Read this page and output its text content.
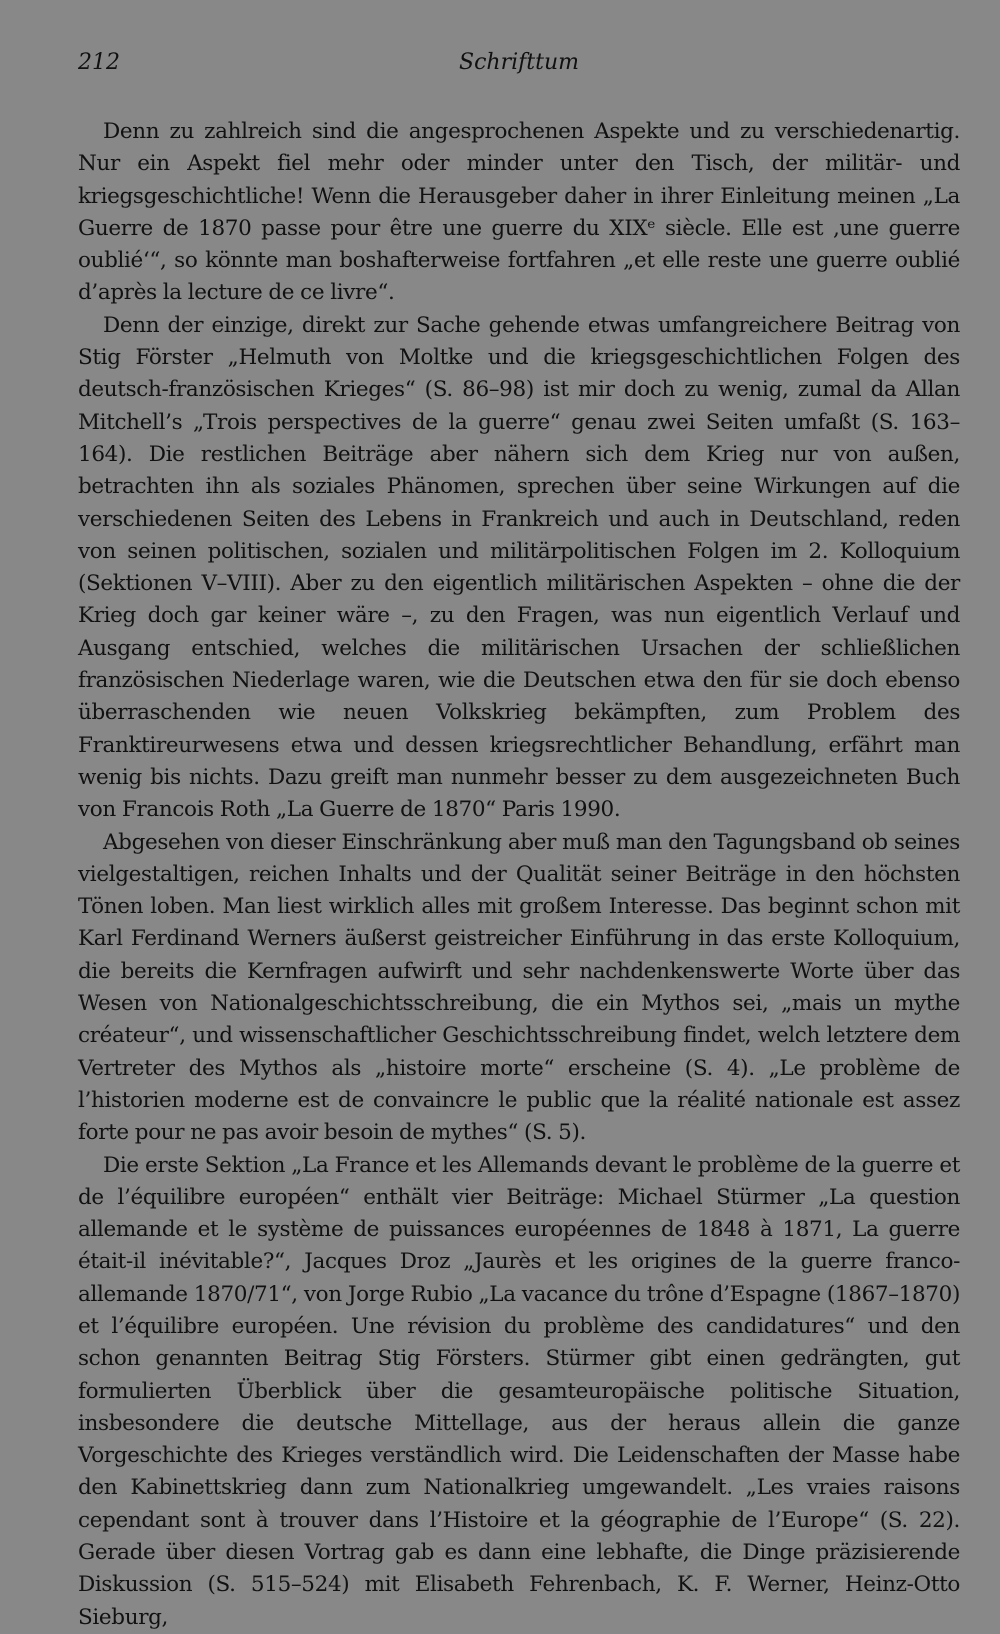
212	Schrifttum

Denn zu zahlreich sind die angesprochenen Aspekte und zu verschiedenartig. Nur ein Aspekt fiel mehr oder minder unter den Tisch, der militär- und kriegsgeschichtliche! Wenn die Herausgeber daher in ihrer Einleitung meinen „La Guerre de 1870 passe pour être une guerre du XIXᵉ siècle. Elle est ‚une guerre oublié‘“, so könnte man boshafterweise fortfahren „et elle reste une guerre oublié d’après la lecture de ce livre“.

Denn der einzige, direkt zur Sache gehende etwas umfangreichere Beitrag von Stig Förster „Helmuth von Moltke und die kriegsgeschichtlichen Folgen des deutsch-französischen Krieges“ (S. 86–98) ist mir doch zu wenig, zumal da Allan Mitchell’s „Trois perspectives de la guerre“ genau zwei Seiten umfaßt (S. 163–164). Die restlichen Beiträge aber nähern sich dem Krieg nur von außen, betrachten ihn als soziales Phänomen, sprechen über seine Wirkungen auf die verschiedenen Seiten des Lebens in Frankreich und auch in Deutschland, reden von seinen politischen, sozialen und militärpolitischen Folgen im 2. Kolloquium (Sektionen V–VIII). Aber zu den eigentlich militärischen Aspekten – ohne die der Krieg doch gar keiner wäre –, zu den Fragen, was nun eigentlich Verlauf und Ausgang entschied, welches die militärischen Ursachen der schließlichen französischen Niederlage waren, wie die Deutschen etwa den für sie doch ebenso überraschenden wie neuen Volkskrieg bekämpften, zum Problem des Franktireurwesens etwa und dessen kriegsrechtlicher Behandlung, erfährt man wenig bis nichts. Dazu greift man nunmehr besser zu dem ausgezeichneten Buch von Francois Roth „La Guerre de 1870“ Paris 1990.

Abgesehen von dieser Einschränkung aber muß man den Tagungsband ob seines vielgestaltigen, reichen Inhalts und der Qualität seiner Beiträge in den höchsten Tönen loben. Man liest wirklich alles mit großem Interesse. Das beginnt schon mit Karl Ferdinand Werners äußerst geistreicher Einführung in das erste Kolloquium, die bereits die Kernfragen aufwirft und sehr nachdenkenswerte Worte über das Wesen von Nationalgeschichtsschreibung, die ein Mythos sei, „mais un mythe créateur“, und wissenschaftlicher Geschichtsschreibung findet, welch letztere dem Vertreter des Mythos als „histoire morte“ erscheine (S. 4). „Le problème de l’historien moderne est de convaincre le public que la réalité nationale est assez forte pour ne pas avoir besoin de mythes“ (S. 5).

Die erste Sektion „La France et les Allemands devant le problème de la guerre et de l’équilibre européen“ enthält vier Beiträge: Michael Stürmer „La question allemande et le système de puissances européennes de 1848 à 1871, La guerre était-il inévitable?“, Jacques Droz „Jaurès et les origines de la guerre franco-allemande 1870/71“, von Jorge Rubio „La vacance du trône d’Espagne (1867–1870) et l’équilibre européen. Une révision du problème des candidatures“ und den schon genannten Beitrag Stig Försters. Stürmer gibt einen gedrängten, gut formulierten Überblick über die gesamteuropäische politische Situation, insbesondere die deutsche Mittellage, aus der heraus allein die ganze Vorgeschichte des Krieges verständlich wird. Die Leidenschaften der Masse habe den Kabinettskrieg dann zum Nationalkrieg umgewandelt. „Les vraies raisons cependant sont à trouver dans l’Histoire et la géographie de l’Europe“ (S. 22). Gerade über diesen Vortrag gab es dann eine lebhafte, die Dinge präzisierende Diskussion (S. 515–524) mit Elisabeth Fehrenbach, K. F. Werner, Heinz-Otto Sieburg,
